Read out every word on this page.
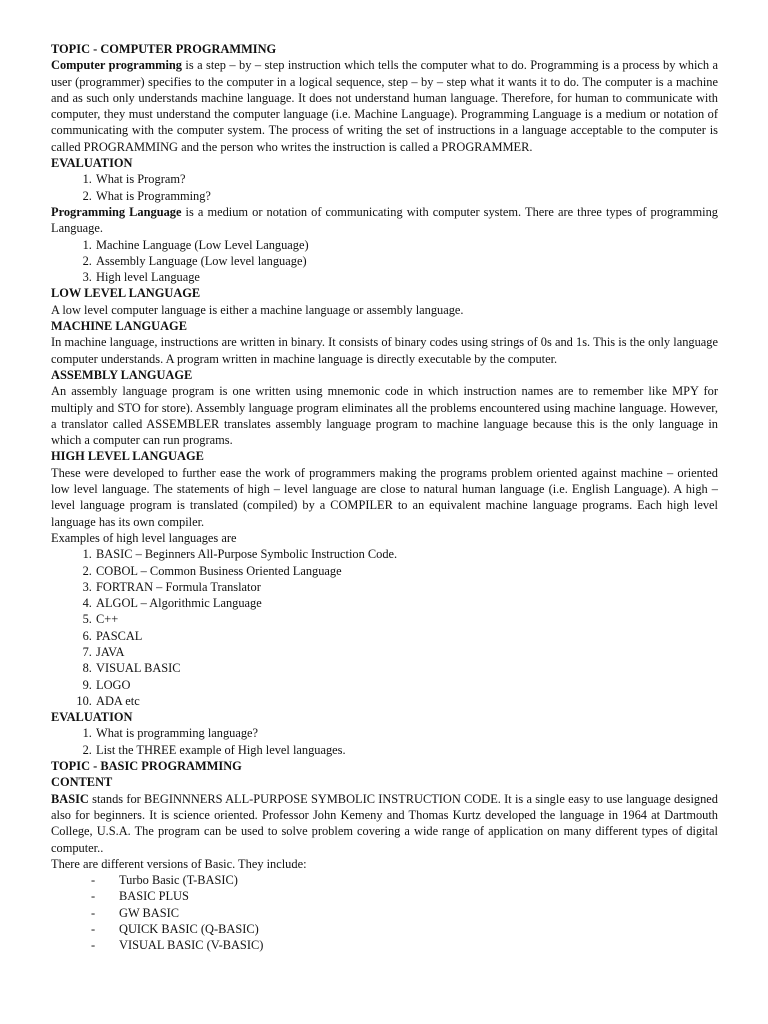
TOPIC - COMPUTER PROGRAMMING

Computer programming is a step – by – step instruction which tells the computer what to do. Programming is a process by which a user (programmer) specifies to the computer in a logical sequence, step – by – step what it wants it to do. The computer is a machine and as such only understands machine language. It does not understand human language. Therefore, for human to communicate with computer, they must understand the computer language (i.e. Machine Language). Programming Language is a medium or notation of communicating with the computer system. The process of writing the set of instructions in a language acceptable to the computer is called PROGRAMMING and the person who writes the instruction is called a PROGRAMMER.

EVALUATION

1. What is Program?
2. What is Programming?

Programming Language is a medium or notation of communicating with computer system. There are three types of programming Language.

1. Machine Language (Low Level Language)
2. Assembly Language (Low level language)
3. High level Language

LOW LEVEL LANGUAGE

A low level computer language is either a machine language or assembly language.

MACHINE LANGUAGE

In machine language, instructions are written in binary. It consists of binary codes using strings of 0s and 1s. This is the only language computer understands. A program written in machine language is directly executable by the computer.

ASSEMBLY LANGUAGE

An assembly language program is one written using mnemonic code in which instruction names are to remember like MPY for multiply and STO for store). Assembly language program eliminates all the problems encountered using machine language. However, a translator called ASSEMBLER translates assembly language program to machine language because this is the only language in which a computer can run programs.

HIGH LEVEL LANGUAGE

These were developed to further ease the work of programmers making the programs problem oriented against machine – oriented low level language. The statements of high – level language are close to natural human language (i.e. English Language). A high – level language program is translated (compiled) by a COMPILER to an equivalent machine language programs. Each high level language has its own compiler.

Examples of high level languages are

1. BASIC – Beginners All-Purpose Symbolic Instruction Code.
2. COBOL – Common Business Oriented Language
3. FORTRAN – Formula Translator
4. ALGOL – Algorithmic Language
5. C++
6. PASCAL
7. JAVA
8. VISUAL BASIC
9. LOGO
10. ADA etc

EVALUATION

1. What is programming language?
2. List the THREE example of High level languages.

TOPIC - BASIC PROGRAMMING

CONTENT

BASIC stands for BEGINNNERS ALL-PURPOSE SYMBOLIC INSTRUCTION CODE. It is a single easy to use language designed also for beginners. It is science oriented. Professor John Kemeny and Thomas Kurtz developed the language in 1964 at Dartmouth College, U.S.A. The program can be used to solve problem covering a wide range of application on many different types of digital computer..

There are different versions of Basic. They include:

- Turbo Basic (T-BASIC)
- BASIC PLUS
- GW BASIC
- QUICK BASIC (Q-BASIC)
- VISUAL BASIC (V-BASIC)
